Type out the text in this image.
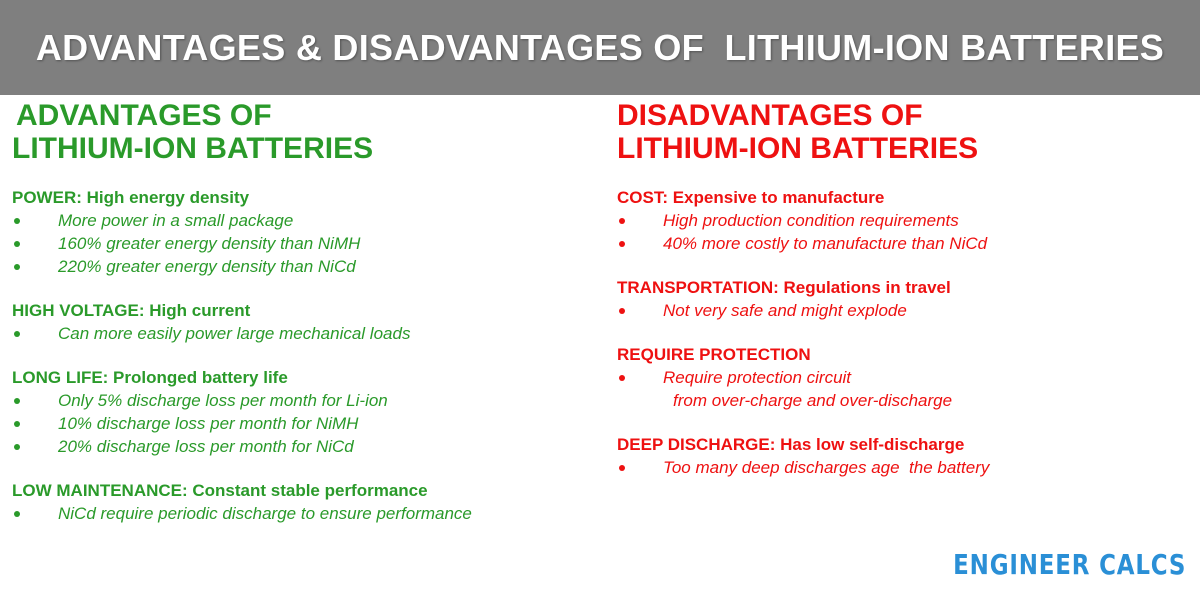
ADVANTAGES & DISADVANTAGES OF  LITHIUM-ION BATTERIES
ADVANTAGES OF
LITHIUM-ION BATTERIES
POWER: High energy density
More power in a small package
160% greater energy density than NiMH
220% greater energy density than NiCd
HIGH VOLTAGE: High current
Can more easily power large mechanical loads
LONG LIFE: Prolonged battery life
Only 5% discharge loss per month for Li-ion
10% discharge loss per month for NiMH
20% discharge loss per month for NiCd
LOW MAINTENANCE: Constant stable performance
NiCd require periodic discharge to ensure performance
DISADVANTAGES OF
LITHIUM-ION BATTERIES
COST: Expensive to manufacture
High production condition requirements
40% more costly to manufacture than NiCd
TRANSPORTATION: Regulations in travel
Not very safe and might explode
REQUIRE PROTECTION
Require protection circuit
from over-charge and over-discharge
DEEP DISCHARGE: Has low self-discharge
Too many deep discharges age  the battery
ENGINEER CALCS
